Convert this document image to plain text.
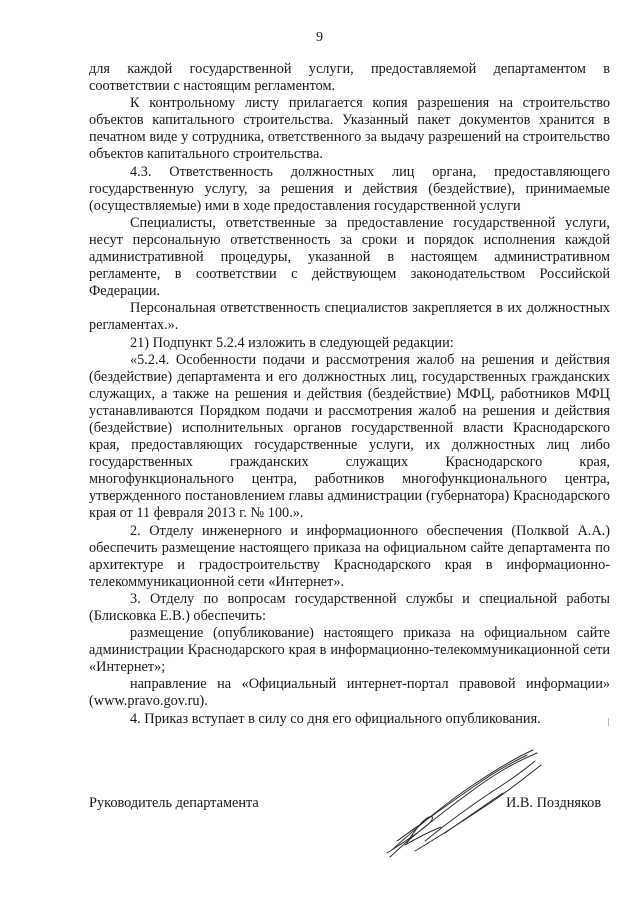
9

для каждой государственной услуги, предоставляемой департаментом в соответствии с настоящим регламентом.

К контрольному листу прилагается копия разрешения на строительство объектов капитального строительства. Указанный пакет документов хранится в печатном виде у сотрудника, ответственного за выдачу разрешений на строительство объектов капитального строительства.

4.3. Ответственность должностных лиц органа, предоставляющего государственную услугу, за решения и действия (бездействие), принимаемые (осуществляемые) ими в ходе предоставления государственной услуги

Специалисты, ответственные за предоставление государственной услуги, несут персональную ответственность за сроки и порядок исполнения каждой административной процедуры, указанной в настоящем административном регламенте, в соответствии с действующем законодательством Российской Федерации.

Персональная ответственность специалистов закрепляется в их должностных регламентах.».

21) Подпункт 5.2.4 изложить в следующей редакции:

«5.2.4. Особенности подачи и рассмотрения жалоб на решения и действия (бездействие) департамента и его должностных лиц, государственных гражданских служащих, а также на решения и действия (бездействие) МФЦ, работников МФЦ устанавливаются Порядком подачи и рассмотрения жалоб на решения и действия (бездействие) исполнительных органов государственной власти Краснодарского края, предоставляющих государственные услуги, их должностных лиц либо государственных гражданских служащих Краснодарского края, многофункционального центра, работников многофункционального центра, утвержденного постановлением главы администрации (губернатора) Краснодарского края от 11 февраля 2013 г. № 100.».

2. Отделу инженерного и информационного обеспечения (Полквой А.А.) обеспечить размещение настоящего приказа на официальном сайте департамента по архитектуре и градостроительству Краснодарского края в информационно-телекоммуникационной сети «Интернет».

3. Отделу по вопросам государственной службы и специальной работы (Блисковка Е.В.) обеспечить:

размещение (опубликование) настоящего приказа на официальном сайте администрации Краснодарского края в информационно-телекоммуникационной сети «Интернет»;

направление на «Официальный интернет-портал правовой информации» (www.pravo.gov.ru).

4. Приказ вступает в силу со дня его официального опубликования.

Руководитель департамента	И.В. Поздняков
